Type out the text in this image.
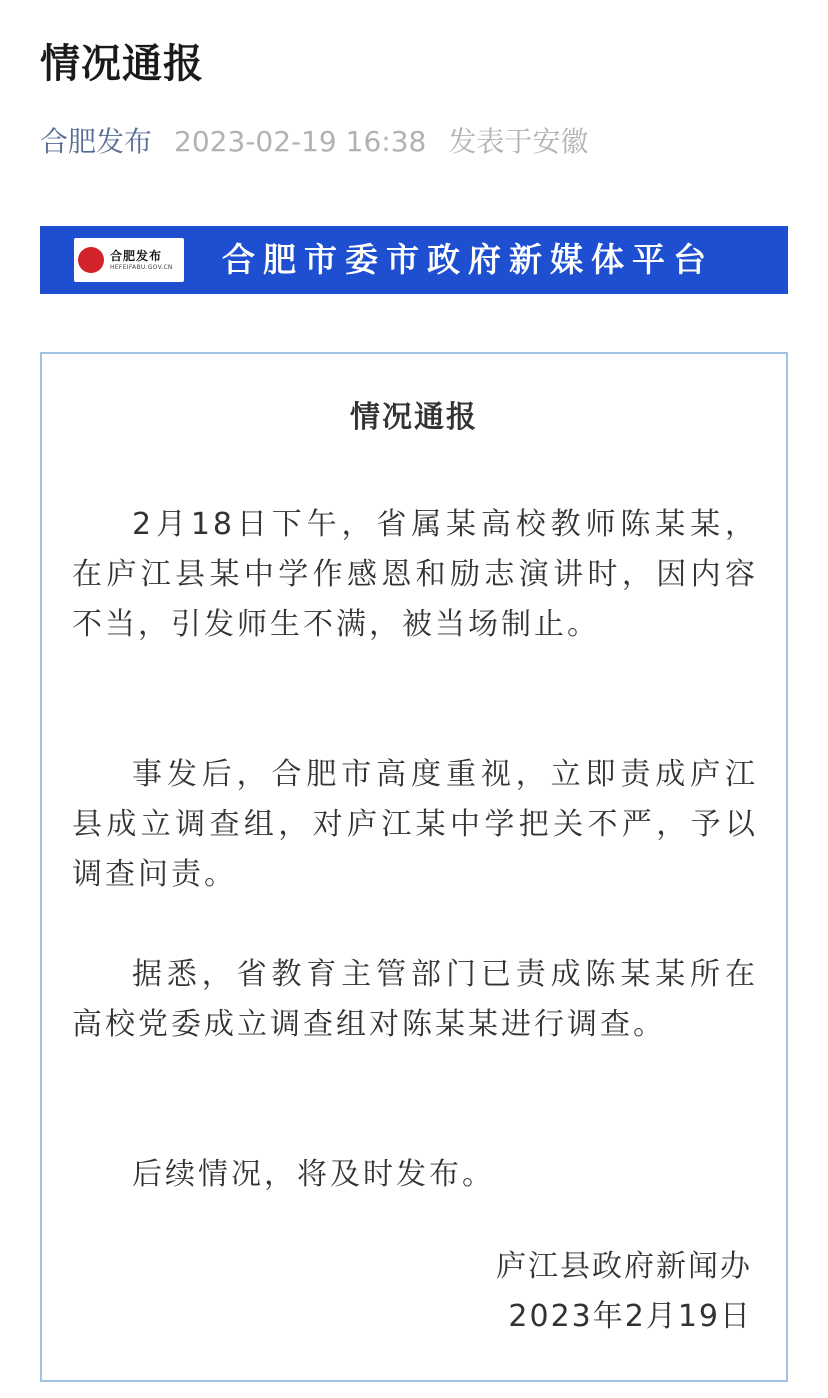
情况通报
合肥发布 2023-02-19 16:38 发表于安徽
合肥发布
HEFEIFABU.GOV.CN 合肥市委市政府新媒体平台
情况通报

2月18日下午，省属某高校教师陈某某，在庐江县某中学作感恩和励志演讲时，因内容不当，引发师生不满，被当场制止。

事发后，合肥市高度重视，立即责成庐江县成立调查组，对庐江某中学把关不严，予以调查问责。

据悉，省教育主管部门已责成陈某某所在高校党委成立调查组对陈某某进行调查。

后续情况，将及时发布。

庐江县政府新闻办
2023年2月19日
